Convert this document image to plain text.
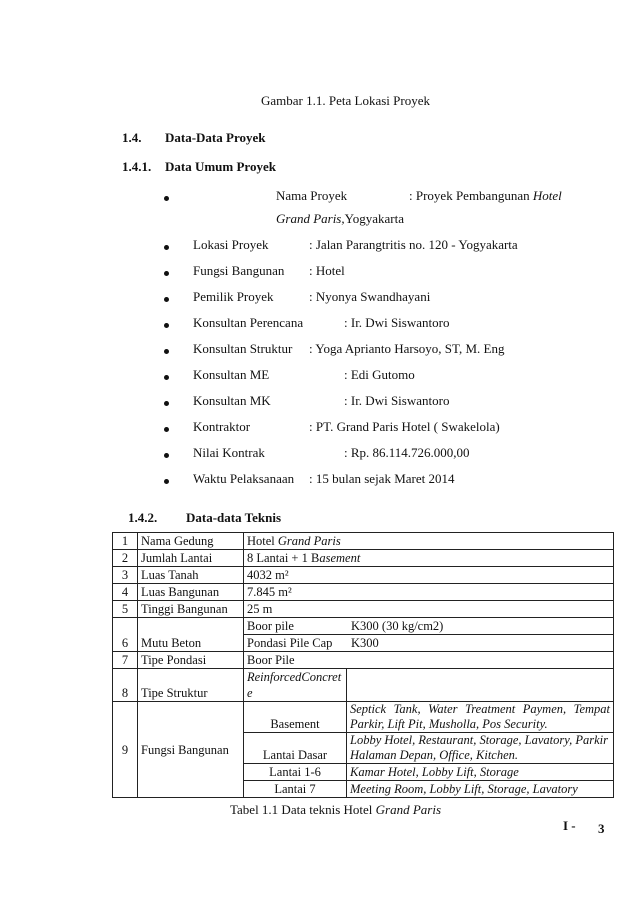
Gambar 1.1. Peta Lokasi Proyek
1.4. Data-Data Proyek
1.4.1. Data Umum Proyek
Nama Proyek	: Proyek Pembangunan Hotel
Grand Paris,Yogyakarta
Lokasi Proyek	: Jalan Parangtritis no. 120 - Yogyakarta
Fungsi Bangunan : Hotel
Pemilik Proyek	: Nyonya Swandhayani
Konsultan Perencana	: Ir. Dwi Siswantoro
Konsultan Struktur : Yoga Aprianto Harsoyo, ST, M. Eng
Konsultan ME	: Edi Gutomo
Konsultan MK	: Ir. Dwi Siswantoro
Kontraktor	: PT. Grand Paris Hotel ( Swakelola)
Nilai Kontrak	: Rp. 86.114.726.000,00
Waktu Pelaksanaan : 15 bulan sejak Maret 2014
1.4.2. Data-data Teknis
1	Nama Gedung	Hotel Grand Paris	
2	Jumlah Lantai	8 Lantai + 1 Basement	
3	Luas Tanah	4032 m²	
4	Luas Bangunan	7.845 m²	
5	Tinggi Bangunan	25 m	
6	Mutu Beton	Boor pile K300 (30 kg/cm2)
Pondasi Pile Cap K300	

7	Tipe Pondasi	Boor Pile	
8	Tipe Struktur	ReinforcedConcret
e	

9	Fungsi Bangunan	Basement	Septick Tank, Water Treatment Paymen, Tempat Parkir, Lift Pit, Musholla, Pos Security.
		Lantai Dasar	Lobby Hotel, Restaurant, Storage, Lavatory, Parkir Halaman Depan, Office, Kitchen.
		Lantai 1-6	Kamar Hotel, Lobby Lift, Storage
		Lantai 7	Meeting Room, Lobby Lift, Storage, Lavatory
Tabel 1.1 Data teknis Hotel Grand Paris
I - 3
